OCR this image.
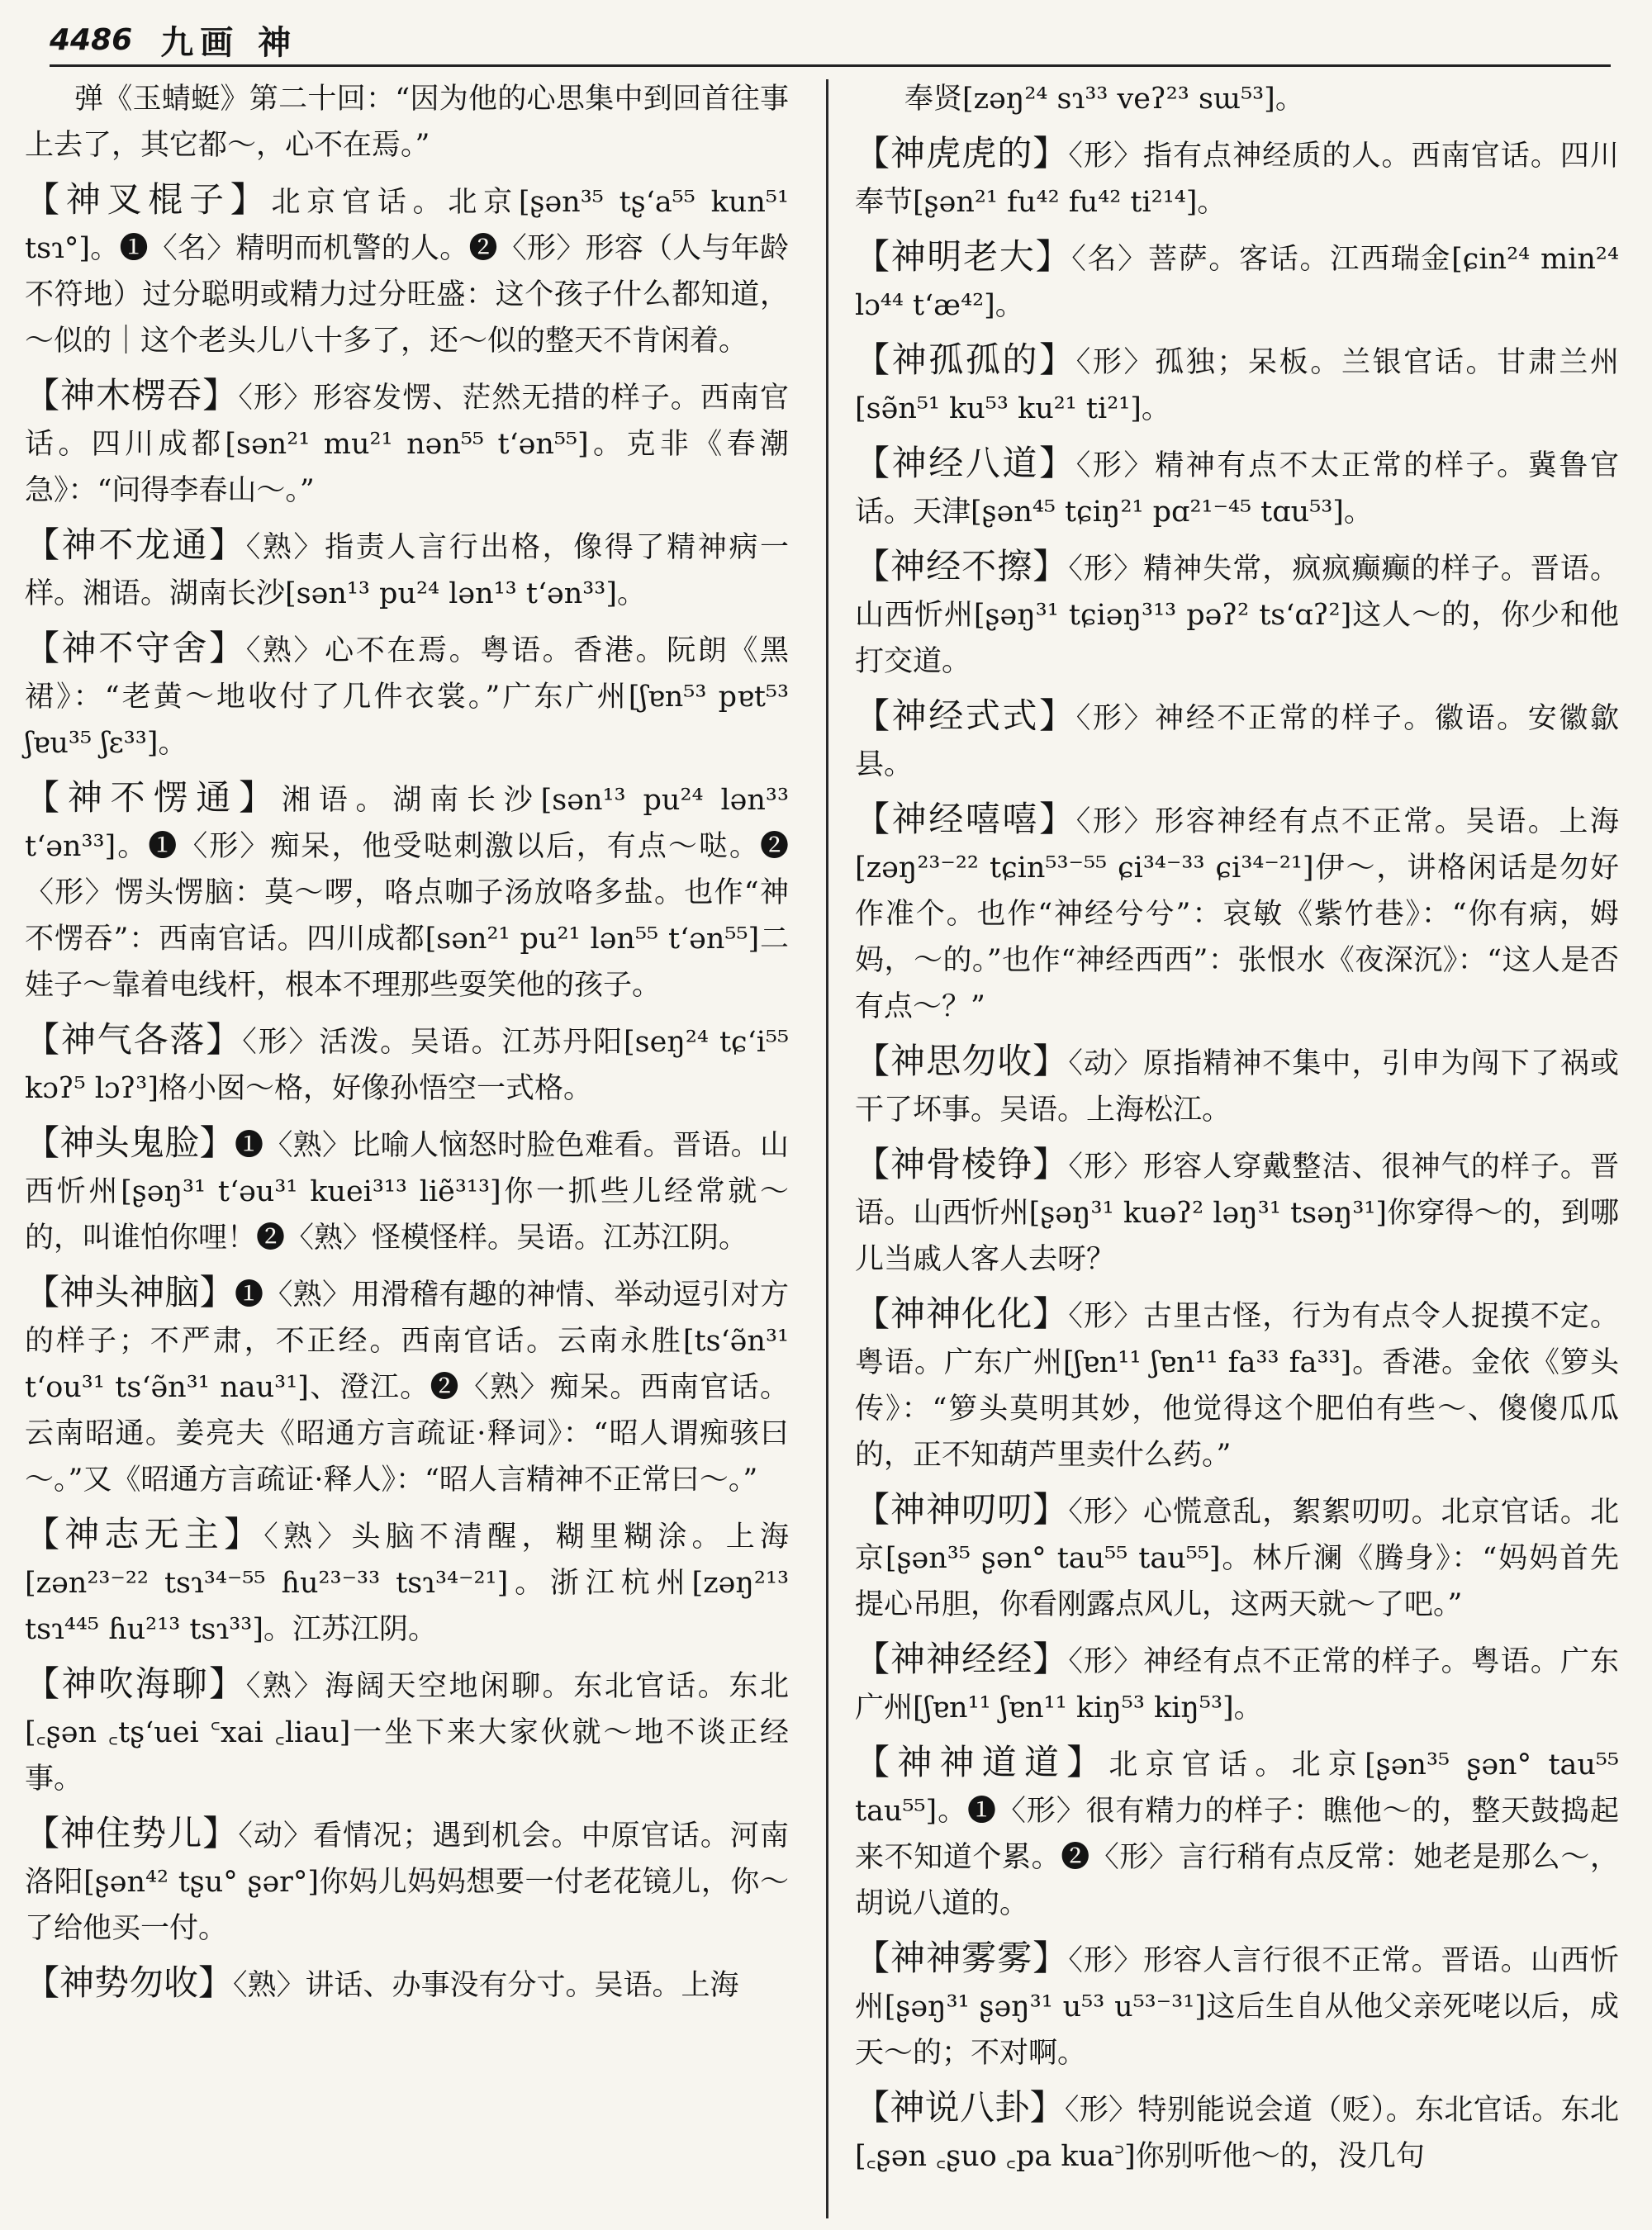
4486 九画 神

弹《玉蜻蜓》第二十回：“因为他的心思集中到回首往事上去了，其它都～，心不在焉。”

【神叉棍子】北京官话。北京[ʂən³⁵ tʂʻa⁵⁵ kun⁵¹ tsɿ°]。❶〈名〉精明而机警的人。❷〈形〉形容（人与年龄不符地）过分聪明或精力过分旺盛：这个孩子什么都知道，～似的｜这个老头儿八十多了，还～似的整天不肯闲着。

【神木楞吞】〈形〉形容发愣、茫然无措的样子。西南官话。四川成都[sən²¹ mu²¹ nən⁵⁵ tʻən⁵⁵]。克非《春潮急》：“问得李春山～。”

【神不龙通】〈熟〉指责人言行出格，像得了精神病一样。湘语。湖南长沙[sən¹³ pu²⁴ lən¹³ tʻən³³]。

【神不守舍】〈熟〉心不在焉。粤语。香港。阮朗《黑裙》：“老黄～地收付了几件衣裳。”广东广州[ʃɐn⁵³ pɐt⁵³ ʃɐu³⁵ ʃɛ³³]。

【神不愣通】湘语。湖南长沙[sən¹³ pu²⁴ lən³³ tʻən³³]。❶〈形〉痴呆，他受哒刺激以后，有点～哒。❷〈形〉愣头愣脑：莫～啰，咯点咖子汤放咯多盐。也作“神不愣吞”：西南官话。四川成都[sən²¹ pu²¹ lən⁵⁵ tʻən⁵⁵]二娃子～靠着电线杆，根本不理那些耍笑他的孩子。

【神气各落】〈形〉活泼。吴语。江苏丹阳[seŋ²⁴ tɕʻi⁵⁵ kɔʔ⁵ lɔʔ³]格小囡～格，好像孙悟空一式格。

【神头鬼脸】❶〈熟〉比喻人恼怒时脸色难看。晋语。山西忻州[ʂəŋ³¹ tʻəu³¹ kuei³¹³ liẽ³¹³]你一抓些儿经常就～的，叫谁怕你哩！❷〈熟〉怪模怪样。吴语。江苏江阴。

【神头神脑】❶〈熟〉用滑稽有趣的神情、举动逗引对方的样子；不严肃，不正经。西南官话。云南永胜[tsʻə̃n³¹ tʻou³¹ tsʻə̃n³¹ nau³¹]、澄江。❷〈熟〉痴呆。西南官话。云南昭通。姜亮夫《昭通方言疏证·释词》：“昭人谓痴骇曰～。”又《昭通方言疏证·释人》：“昭人言精神不正常曰～。”

【神志无主】〈熟〉头脑不清醒，糊里糊涂。上海[zən²³⁻²² tsɿ³⁴⁻⁵⁵ ɦu²³⁻³³ tsɿ³⁴⁻²¹]。浙江杭州[zəŋ²¹³ tsɿ⁴⁴⁵ ɦu²¹³ tsɿ³³]。江苏江阴。

【神吹海聊】〈熟〉海阔天空地闲聊。东北官话。东北[꜀ʂən ꜀tʂʻuei ꜂xai ꜀liau]一坐下来大家伙就～地不谈正经事。

【神住势儿】〈动〉看情况；遇到机会。中原官话。河南洛阳[ʂən⁴² tʂu° ʂər°]你妈儿妈妈想要一付老花镜儿，你～了给他买一付。

【神势勿收】〈熟〉讲话、办事没有分寸。吴语。上海

奉贤[zəŋ²⁴ sɿ³³ veʔ²³ sɯ⁵³]。

【神虎虎的】〈形〉指有点神经质的人。西南官话。四川奉节[ʂən²¹ fu⁴² fu⁴² ti²¹⁴]。

【神明老大】〈名〉菩萨。客话。江西瑞金[ɕin²⁴ min²⁴ lɔ⁴⁴ tʻæ⁴²]。

【神孤孤的】〈形〉孤独；呆板。兰银官话。甘肃兰州[sə̃n⁵¹ ku⁵³ ku²¹ ti²¹]。

【神经八道】〈形〉精神有点不太正常的样子。冀鲁官话。天津[ʂən⁴⁵ tɕiŋ²¹ pɑ²¹⁻⁴⁵ tɑu⁵³]。

【神经不擦】〈形〉精神失常，疯疯癫癫的样子。晋语。山西忻州[ʂəŋ³¹ tɕiəŋ³¹³ pəʔ² tsʻɑʔ²]这人～的，你少和他打交道。

【神经式式】〈形〉神经不正常的样子。徽语。安徽歙县。

【神经嘻嘻】〈形〉形容神经有点不正常。吴语。上海[zəŋ²³⁻²² tɕin⁵³⁻⁵⁵ ɕi³⁴⁻³³ ɕi³⁴⁻²¹]伊～，讲格闲话是勿好作准个。也作“神经兮兮”：哀敏《紫竹巷》：“你有病，姆妈，～的。”也作“神经西西”：张恨水《夜深沉》：“这人是否有点～？”

【神思勿收】〈动〉原指精神不集中，引申为闯下了祸或干了坏事。吴语。上海松江。

【神骨棱铮】〈形〉形容人穿戴整洁、很神气的样子。晋语。山西忻州[ʂəŋ³¹ kuəʔ² ləŋ³¹ tsəŋ³¹]你穿得～的，到哪儿当戚人客人去呀？

【神神化化】〈形〉古里古怪，行为有点令人捉摸不定。粤语。广东广州[ʃɐn¹¹ ʃɐn¹¹ fa³³ fa³³]。香港。金依《箩头传》：“箩头莫明其妙，他觉得这个肥伯有些～、傻傻瓜瓜的，正不知葫芦里卖什么药。”

【神神叨叨】〈形〉心慌意乱，絮絮叨叨。北京官话。北京[ʂən³⁵ ʂən° tau⁵⁵ tau⁵⁵]。林斤澜《腾身》：“妈妈首先提心吊胆，你看刚露点风儿，这两天就～了吧。”

【神神经经】〈形〉神经有点不正常的样子。粤语。广东广州[ʃɐn¹¹ ʃɐn¹¹ kiŋ⁵³ kiŋ⁵³]。

【神神道道】北京官话。北京[ʂən³⁵ ʂən° tau⁵⁵ tau⁵⁵]。❶〈形〉很有精力的样子：瞧他～的，整天鼓捣起来不知道个累。❷〈形〉言行稍有点反常：她老是那么～，胡说八道的。

【神神雾雾】〈形〉形容人言行很不正常。晋语。山西忻州[ʂəŋ³¹ ʂəŋ³¹ u⁵³ u⁵³⁻³¹]这后生自从他父亲死咾以后，成天～的；不对啊。

【神说八卦】〈形〉特别能说会道（贬）。东北官话。东北[꜀ʂən ꜀ʂuo ꜀pa kua꜄]你别听他～的，没几句
